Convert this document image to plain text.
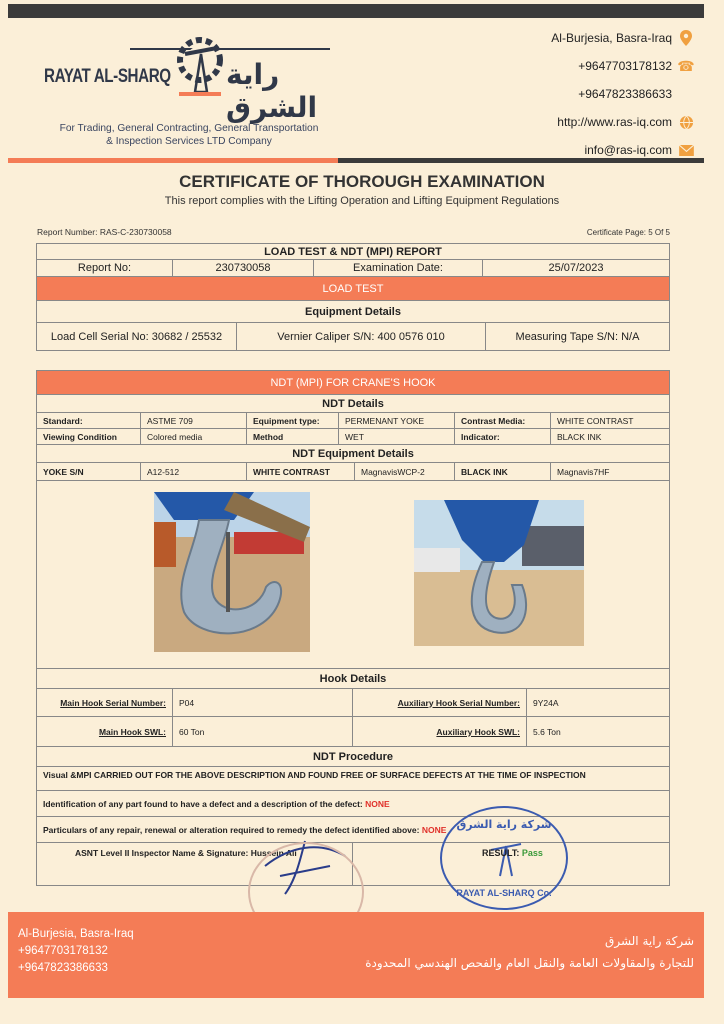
RAYAT AL-SHARQ راية الشرق
For Trading, General Contracting, General Transportation
& Inspection Services LTD Company
Al-Burjesia, Basra-Iraq
+9647703178132 ☎
+9647823386633
http://www.ras-iq.com
info@ras-iq.com
CERTIFICATE OF THOROUGH EXAMINATION
This report complies with the Lifting Operation and Lifting Equipment Regulations
Report Number: RAS-C-230730058	Certificate Page: 5 Of 5
LOAD TEST & NDT (MPI) REPORT
Report No:	230730058	Examination Date:	25/07/2023
LOAD TEST
Equipment Details
Load Cell Serial No: 30682 / 25532	Vernier Caliper S/N: 400 0576 010	Measuring Tape S/N: N/A
NDT (MPI) FOR CRANE'S HOOK
NDT Details
Standard:	ASTME 709	Equipment type:	PERMENANT YOKE	Contrast Media:	WHITE CONTRAST
Viewing Condition	Colored media	Method	WET	Indicator:	BLACK INK
NDT Equipment Details
YOKE S/N	A12-512	WHITE CONTRAST	MagnavisWCP-2	BLACK INK	Magnavis7HF
Hook Details
Main Hook Serial Number:	P04	Auxiliary Hook Serial Number:	9Y24A
Main Hook SWL:	60 Ton	Auxiliary Hook SWL:	5.6 Ton
NDT Procedure
Visual &MPI CARRIED OUT FOR THE ABOVE DESCRIPTION AND FOUND FREE OF SURFACE DEFECTS AT THE TIME OF INSPECTION
Identification of any part found to have a defect and a description of the defect: NONE
Particulars of any repair, renewal or alteration required to remedy the defect identified above: NONE
ASNT Level II Inspector Name & Signature: Hussein Ali
شركة راية الشرق
RAYAT AL-SHARQ Co.
RESULT: Pass
Al-Burjesia, Basra-Iraq
+9647703178132
+9647823386633
شركة راية الشرق
للتجارة والمقاولات العامة والنقل العام والفحص الهندسي المحدودة
